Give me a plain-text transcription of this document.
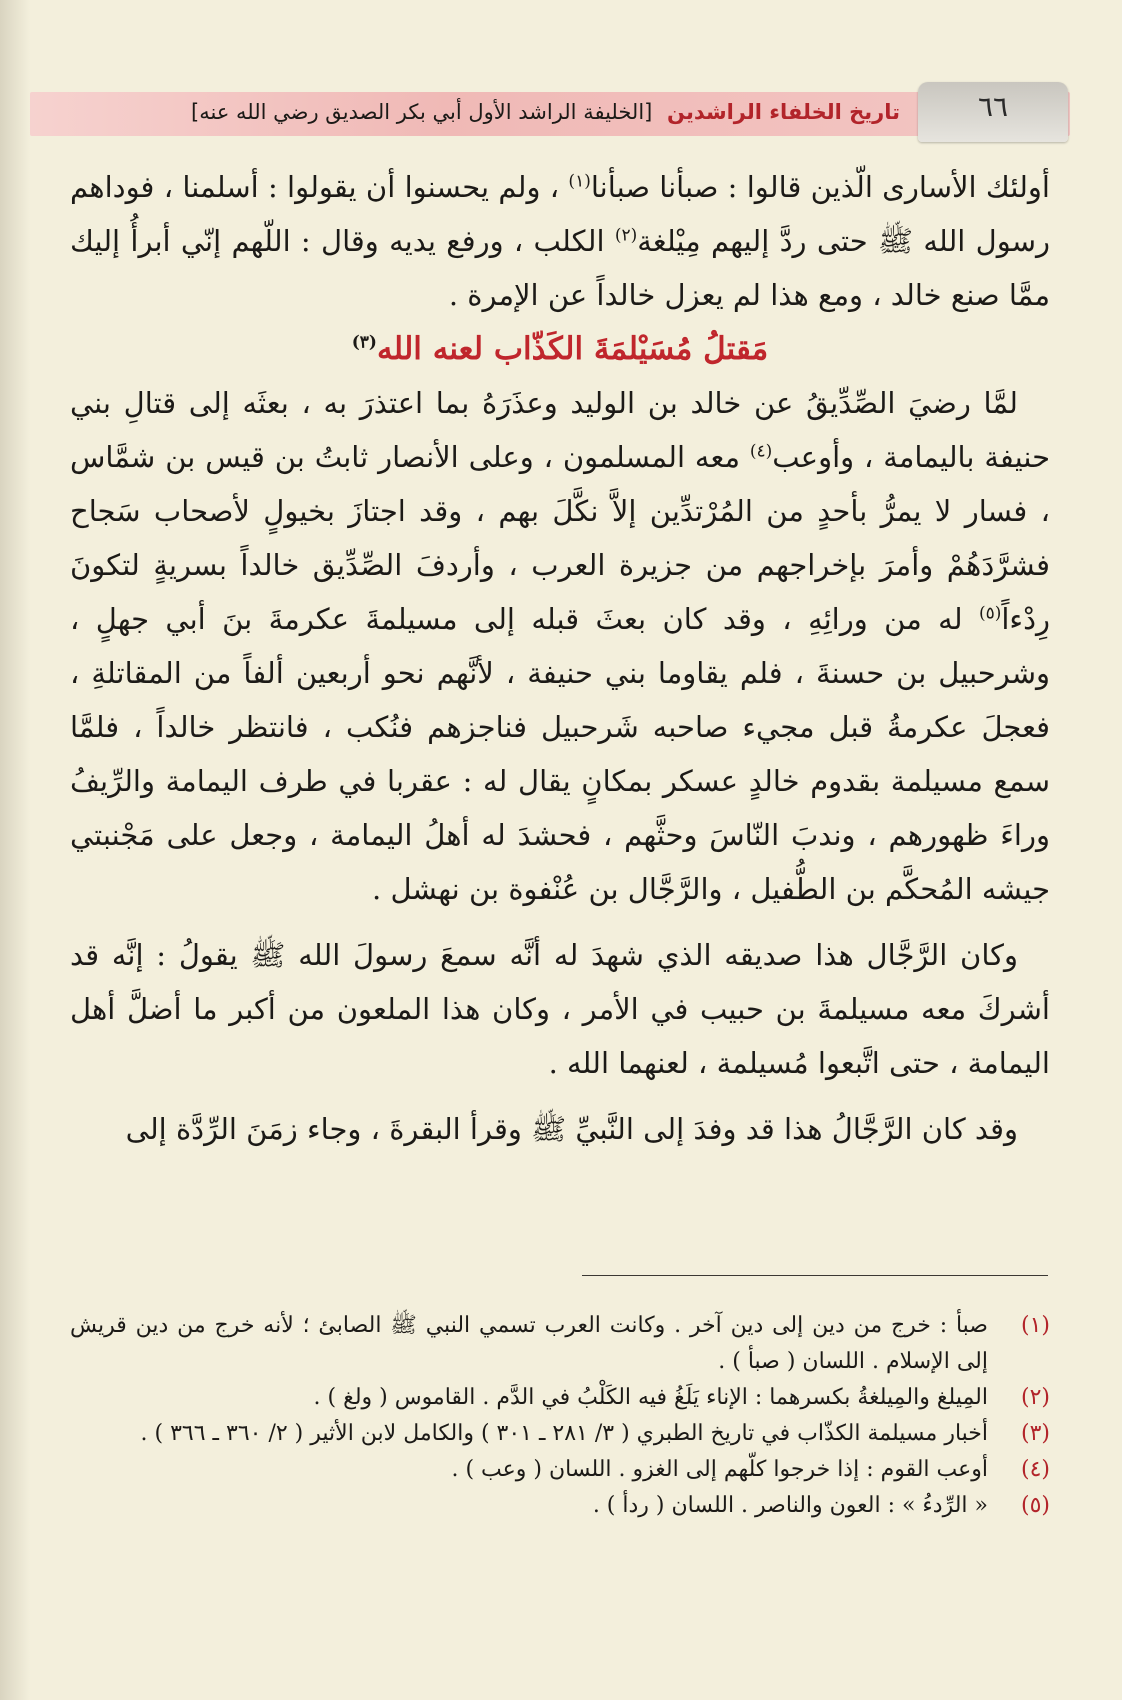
٦٦
تاريخ الخلفاء الراشدين [الخليفة الراشد الأول أبي بكر الصديق رضي الله عنه]

أولئك الأسارى الّذين قالوا : صبأنا صبأنا$^{(١)}$ ، ولم يحسنوا أن يقولوا : أسلمنا ، فوداهم رسول الله ﷺ حتى ردَّ إليهم مِيْلغة$^{(٢)}$ الكلب ، ورفع يديه وقال : اللّهم إنّي أبرأُ إليك ممَّا صنع خالد ، ومع هذا لم يعزل خالداً عن الإمرة .

مَقتلُ مُسَيْلمَةَ الكَذّاب لعنه الله$^{(٣)}$

لمَّا رضيَ الصِّدِّيقُ عن خالد بن الوليد وعذَرَهُ بما اعتذرَ به ، بعثَه إلى قتالِ بني حنيفة باليمامة ، وأوعب$^{(٤)}$ معه المسلمون ، وعلى الأنصار ثابتُ بن قيس بن شمَّاس ، فسار لا يمرُّ بأحدٍ من المُرْتدِّين إلاَّ نكَّلَ بهم ، وقد اجتازَ بخيولٍ لأصحاب سَجاح فشرَّدَهُمْ وأمرَ بإخراجهم من جزيرة العرب ، وأردفَ الصِّدِّيق خالداً بسريةٍ لتكونَ رِدْءاً$^{(٥)}$ له من ورائِهِ ، وقد كان بعثَ قبله إلى مسيلمةَ عكرمةَ بنَ أبي جهلٍ ، وشرحبيل بن حسنةَ ، فلم يقاوما بني حنيفة ، لأنَّهم نحو أربعين ألفاً من المقاتلةِ ، فعجلَ عكرمةُ قبل مجيء صاحبه شَرحبيل فناجزهم فنُكب ، فانتظر خالداً ، فلمَّا سمع مسيلمة بقدوم خالدٍ عسكر بمكانٍ يقال له : عقربا في طرف اليمامة والرِّيفُ وراءَ ظهورهم ، وندبَ النّاسَ وحثَّهم ، فحشدَ له أهلُ اليمامة ، وجعل على مَجْنبتي جيشه المُحكَّم بن الطُّفيل ، والرَّجَّال بن عُنْفوة بن نهشل .

وكان الرَّجَّال هذا صديقه الذي شهدَ له أنَّه سمعَ رسولَ الله ﷺ يقولُ : إنَّه قد أشركَ معه مسيلمةَ بن حبيب في الأمر ، وكان هذا الملعون من أكبر ما أضلَّ أهل اليمامة ، حتى اتَّبعوا مُسيلمة ، لعنهما الله .

وقد كان الرَّجَّالُ هذا قد وفدَ إلى النَّبيِّ ﷺ وقرأ البقرةَ ، وجاء زمَنَ الرِّدَّة إلى

(١)
صبأ : خرج من دين إلى دين آخر . وكانت العرب تسمي النبي ﷺ الصابئ ؛ لأنه خرج من دين قريش إلى الإسلام . اللسان ( صبأ ) .
(٢)
المِيلغ والمِيلغةُ بكسرهما : الإناء يَلَغُ فيه الكَلْبُ في الدَّم . القاموس ( ولغ ) .
(٣)
أخبار مسيلمة الكذّاب في تاريخ الطبري ( ٣/ ٢٨١ ـ ٣٠١ ) والكامل لابن الأثير ( ٢/ ٣٦٠ ـ ٣٦٦ ) .
(٤)
أوعب القوم : إذا خرجوا كلّهم إلى الغزو . اللسان ( وعب ) .
(٥)
« الرِّدءُ » : العون والناصر . اللسان ( ردأ ) .
